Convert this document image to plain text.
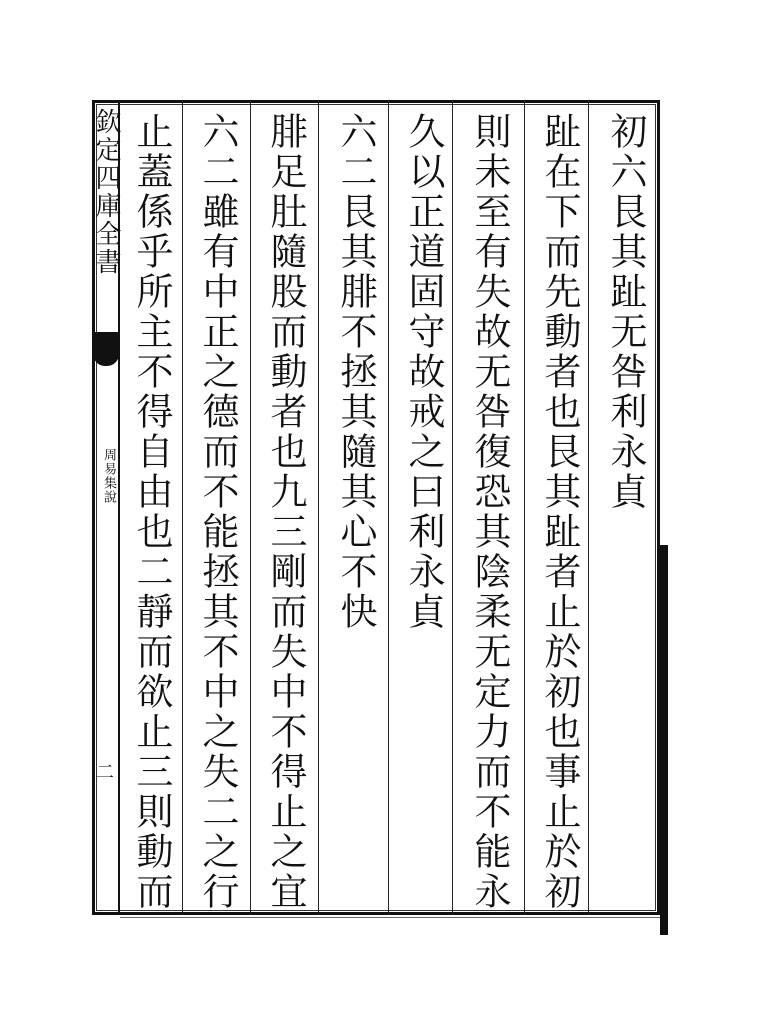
欽定四庫全書
周易集說
二
初六艮其趾无咎利永貞
趾在下而先動者也艮其趾者止於初也事止於初
則未至有失故无咎復恐其陰柔无定力而不能永
久以正道固守故戒之曰利永貞
六二艮其腓不拯其隨其心不快
腓足肚隨股而動者也九三剛而失中不得止之宜
六二雖有中正之德而不能拯其不中之失二之行
止蓋係乎所主不得自由也二靜而欲止三則動而
